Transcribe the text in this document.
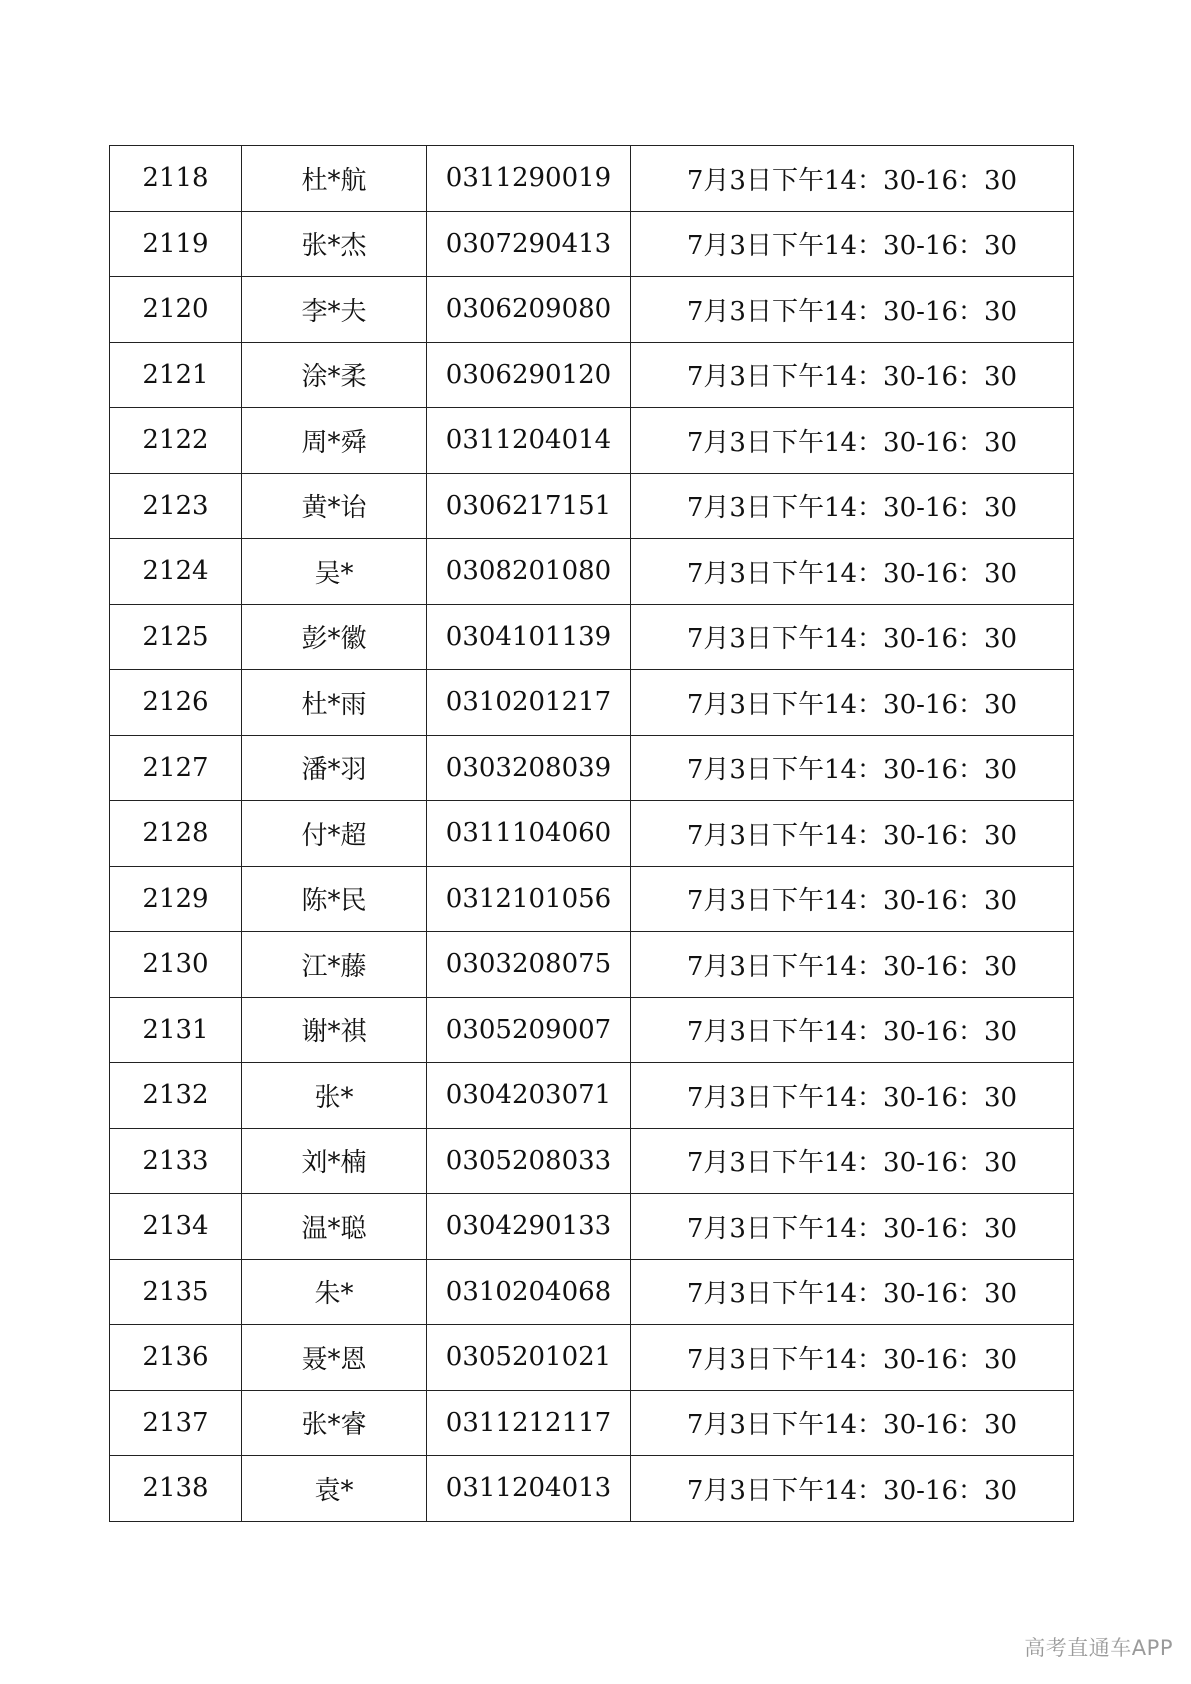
2118	杜*航	0311290019	7月3日下午14：30-16：30
2119	张*杰	0307290413	7月3日下午14：30-16：30
2120	李*夫	0306209080	7月3日下午14：30-16：30
2121	涂*柔	0306290120	7月3日下午14：30-16：30
2122	周*舜	0311204014	7月3日下午14：30-16：30
2123	黄*诒	0306217151	7月3日下午14：30-16：30
2124	吴*	0308201080	7月3日下午14：30-16：30
2125	彭*徽	0304101139	7月3日下午14：30-16：30
2126	杜*雨	0310201217	7月3日下午14：30-16：30
2127	潘*羽	0303208039	7月3日下午14：30-16：30
2128	付*超	0311104060	7月3日下午14：30-16：30
2129	陈*民	0312101056	7月3日下午14：30-16：30
2130	江*藤	0303208075	7月3日下午14：30-16：30
2131	谢*祺	0305209007	7月3日下午14：30-16：30
2132	张*	0304203071	7月3日下午14：30-16：30
2133	刘*楠	0305208033	7月3日下午14：30-16：30
2134	温*聪	0304290133	7月3日下午14：30-16：30
2135	朱*	0310204068	7月3日下午14：30-16：30
2136	聂*恩	0305201021	7月3日下午14：30-16：30
2137	张*睿	0311212117	7月3日下午14：30-16：30
2138	袁*	0311204013	7月3日下午14：30-16：30
高考直通车APP
